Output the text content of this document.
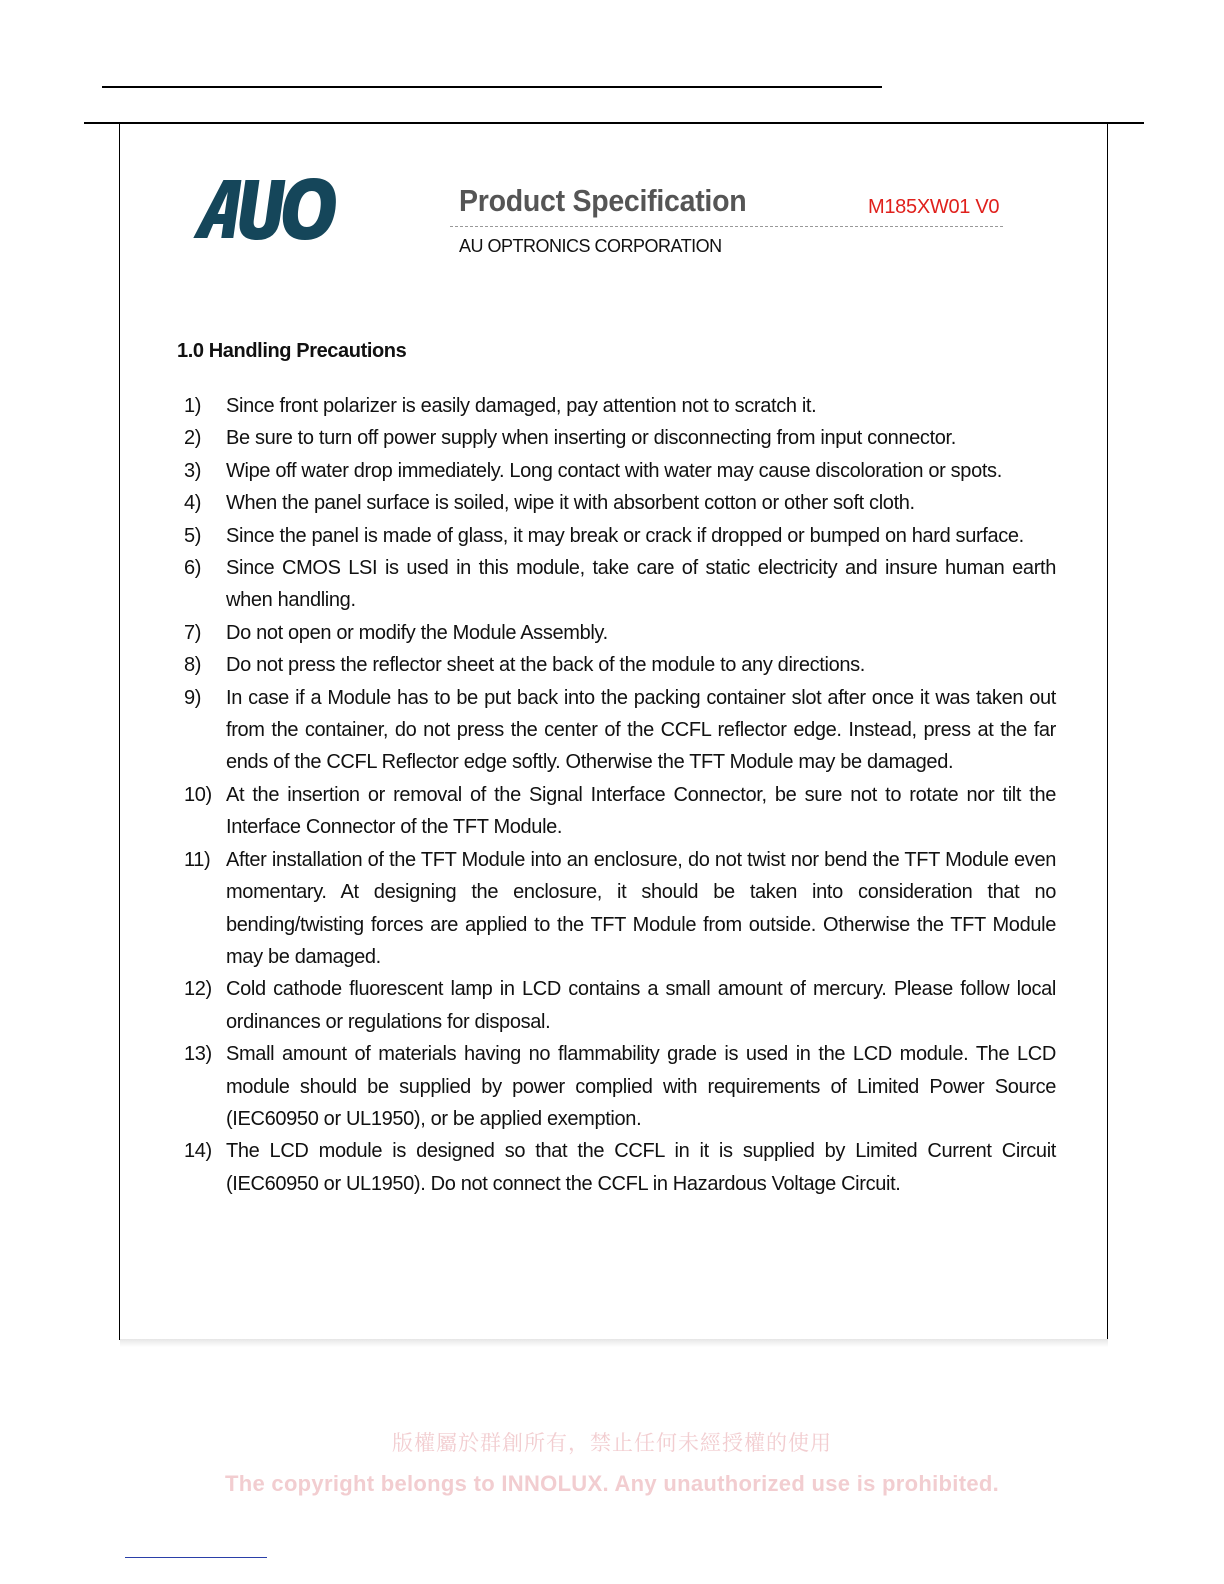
Product Specification	M185XW01 V0
AU OPTRONICS CORPORATION
1.0 Handling Precautions
1)	Since front polarizer is easily damaged, pay attention not to scratch it.
2)	Be sure to turn off power supply when inserting or disconnecting from input connector.
3)	Wipe off water drop immediately. Long contact with water may cause discoloration or spots.
4)	When the panel surface is soiled, wipe it with absorbent cotton or other soft cloth.
5)	Since the panel is made of glass, it may break or crack if dropped or bumped on hard surface.
6)	Since CMOS LSI is used in this module, take care of static electricity and insure human earth when handling.
7)	Do not open or modify the Module Assembly.
8)	Do not press the reflector sheet at the back of the module to any directions.
9)	In case if a Module has to be put back into the packing container slot after once it was taken out from the container, do not press the center of the CCFL reflector edge. Instead, press at the far ends of the CCFL Reflector edge softly. Otherwise the TFT Module may be damaged.
10) At the insertion or removal of the Signal Interface Connector, be sure not to rotate nor tilt the Interface Connector of the TFT Module.
11) After installation of the TFT Module into an enclosure, do not twist nor bend the TFT Module even momentary. At designing the enclosure, it should be taken into consideration that no bending/twisting forces are applied to the TFT Module from outside. Otherwise the TFT Module may be damaged.
12) Cold cathode fluorescent lamp in LCD contains a small amount of mercury. Please follow local ordinances or regulations for disposal.
13) Small amount of materials having no flammability grade is used in the LCD module. The LCD module should be supplied by power complied with requirements of Limited Power Source (IEC60950 or UL1950), or be applied exemption.
14) The LCD module is designed so that the CCFL in it is supplied by Limited Current Circuit (IEC60950 or UL1950). Do not connect the CCFL in Hazardous Voltage Circuit.
版權屬於群創所有，禁止任何未經授權的使用
The copyright belongs to INNOLUX. Any unauthorized use is prohibited.
